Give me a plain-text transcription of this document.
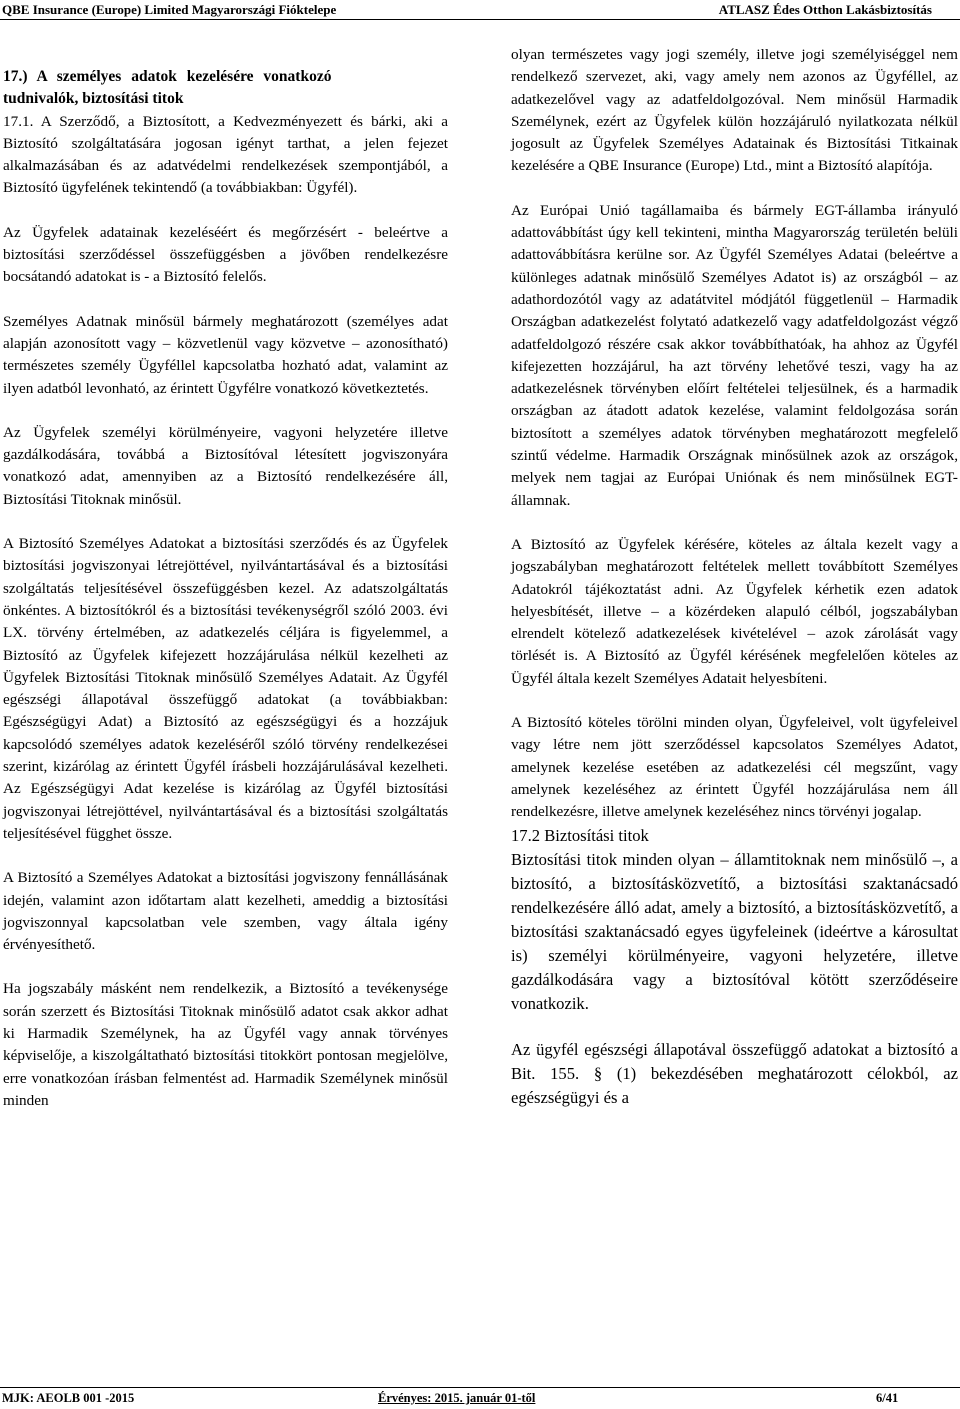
QBE Insurance (Europe) Limited Magyarországi Fióktelepe	ATLASZ Édes Otthon Lakásbiztosítás
17.) A személyes adatok kezelésére vonatkozó
tudnivalók, biztosítási titok

17.1. A Szerződő, a Biztosított, a Kedvezményezett és bárki, aki a Biztosító szolgáltatására jogosan igényt tarthat, a jelen fejezet alkalmazásában és az adatvédelmi rendelkezések szempontjából, a Biztosító ügyfelének tekintendő (a továbbiakban: Ügyfél).

Az Ügyfelek adatainak kezeléséért és megőrzésért - beleértve a biztosítási szerződéssel összefüggésben a jövőben rendelkezésre bocsátandó adatokat is - a Biztosító felelős.

Személyes Adatnak minősül bármely meghatározott (személyes adat alapján azonosított vagy – közvetlenül vagy közvetve – azonosítható) természetes személy Ügyféllel kapcsolatba hozható adat, valamint az ilyen adatból levonható, az érintett Ügyfélre vonatkozó következtetés.

Az Ügyfelek személyi körülményeire, vagyoni helyzetére illetve gazdálkodására, továbbá a Biztosítóval létesített jogviszonyára vonatkozó adat, amennyiben az a Biztosító rendelkezésére áll, Biztosítási Titoknak minősül.

A Biztosító Személyes Adatokat a biztosítási szerződés és az Ügyfelek biztosítási jogviszonyai létrejöttével, nyilvántartásával és a biztosítási szolgáltatás teljesítésével összefüggésben kezel. Az adatszolgáltatás önkéntes. A biztosítókról és a biztosítási tevékenységről szóló 2003. évi LX. törvény értelmében, az adatkezelés céljára is figyelemmel, a Biztosító az Ügyfelek kifejezett hozzájárulása nélkül kezelheti az Ügyfelek Biztosítási Titoknak minősülő Személyes Adatait. Az Ügyfél egészségi állapotával összefüggő adatokat (a továbbiakban: Egészségügyi Adat) a Biztosító az egészségügyi és a hozzájuk kapcsolódó személyes adatok kezeléséről szóló törvény rendelkezései szerint, kizárólag az érintett Ügyfél írásbeli hozzájárulásával kezelheti. Az Egészségügyi Adat kezelése is kizárólag az Ügyfél biztosítási jogviszonyai létrejöttével, nyilvántartásával és a biztosítási szolgáltatás teljesítésével függhet össze.

A Biztosító a Személyes Adatokat a biztosítási jogviszony fennállásának idején, valamint azon időtartam alatt kezelheti, ameddig a biztosítási jogviszonnyal kapcsolatban vele szemben, vagy általa igény érvényesíthető.

Ha jogszabály másként nem rendelkezik, a Biztosító a tevékenysége során szerzett és Biztosítási Titoknak minősülő adatot csak akkor adhat ki Harmadik Személynek, ha az Ügyfél vagy annak törvényes képviselője, a kiszolgáltatható biztosítási titokkört pontosan megjelölve, erre vonatkozóan írásban felmentést ad. Harmadik Személynek minősül minden

olyan természetes vagy jogi személy, illetve jogi személyiséggel nem rendelkező szervezet, aki, vagy amely nem azonos az Ügyféllel, az adatkezelővel vagy az adatfeldolgozóval. Nem minősül Harmadik Személynek, ezért az Ügyfelek külön hozzájáruló nyilatkozata nélkül jogosult az Ügyfelek Személyes Adatainak és Biztosítási Titkainak kezelésére a QBE Insurance (Europe) Ltd., mint a Biztosító alapítója.

Az Európai Unió tagállamaiba és bármely EGT-államba irányuló adattovábbítást úgy kell tekinteni, mintha Magyarország területén belüli adattovábbításra kerülne sor. Az Ügyfél Személyes Adatai (beleértve a különleges adatnak minősülő Személyes Adatot is) az országból – az adathordozótól vagy az adatátvitel módjától függetlenül – Harmadik Országban adatkezelést folytató adatkezelő vagy adatfeldolgozást végző adatfeldolgozó részére csak akkor továbbíthatóak, ha ahhoz az Ügyfél kifejezetten hozzájárul, ha azt törvény lehetővé teszi, vagy ha az adatkezelésnek törvényben előírt feltételei teljesülnek, és a harmadik országban az átadott adatok kezelése, valamint feldolgozása során biztosított a személyes adatok törvényben meghatározott megfelelő szintű védelme. Harmadik Országnak minősülnek azok az országok, melyek nem tagjai az Európai Uniónak és nem minősülnek EGT-államnak.

A Biztosító az Ügyfelek kérésére, köteles az általa kezelt vagy a jogszabályban meghatározott feltételek mellett továbbított Személyes Adatokról tájékoztatást adni. Az Ügyfelek kérhetik ezen adatok helyesbítését, illetve – a közérdeken alapuló célból, jogszabályban elrendelt kötelező adatkezelések kivételével – azok zárolását vagy törlését is. A Biztosító az Ügyfél kérésének megfelelően köteles az Ügyfél általa kezelt Személyes Adatait helyesbíteni.

A Biztosító köteles törölni minden olyan, Ügyfeleivel, volt ügyfeleivel vagy létre nem jött szerződéssel kapcsolatos Személyes Adatot, amelynek kezelése esetében az adatkezelési cél megszűnt, vagy amelynek kezeléséhez az érintett Ügyfél hozzájárulása nem áll rendelkezésre, illetve amelynek kezeléséhez nincs törvényi jogalap.

17.2 Biztosítási titok

Biztosítási titok minden olyan – államtitoknak nem minősülő –, a biztosító, a biztosításközvetítő, a biztosítási szaktanácsadó rendelkezésére álló adat, amely a biztosító, a biztosításközvetítő, a biztosítási szaktanácsadó egyes ügyfeleinek (ideértve a károsultat is) személyi körülményeire, vagyoni helyzetére, illetve gazdálkodására vagy a biztosítóval kötött szerződéseire vonatkozik.

Az ügyfél egészségi állapotával összefüggő adatokat a biztosító a Bit. 155. § (1) bekezdésében meghatározott célokból, az egészségügyi és a

MJK: AEOLB 001 -2015	Érvényes: 2015. január 01-től	6/41
